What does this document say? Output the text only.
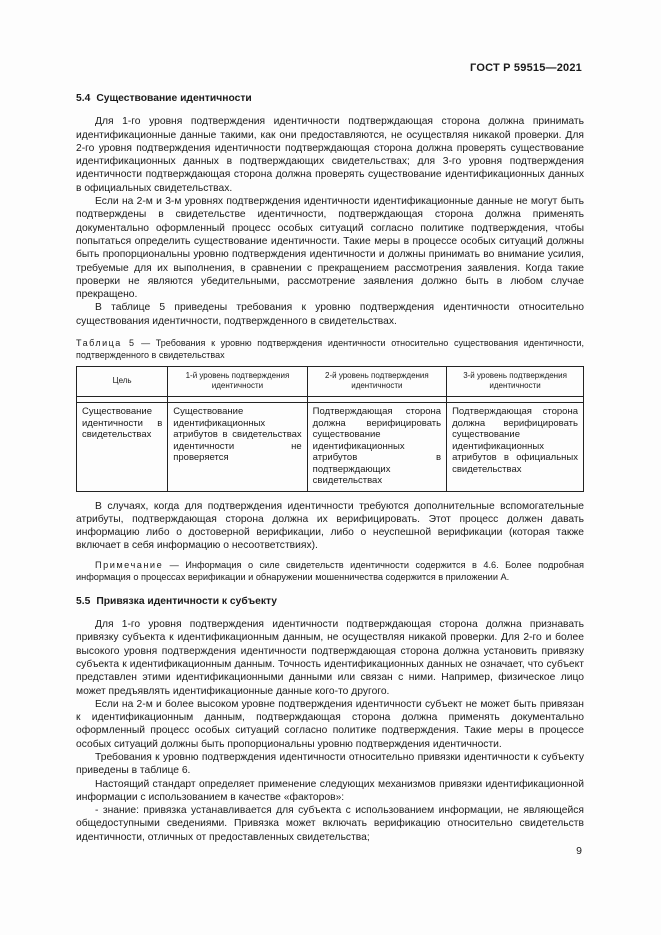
ГОСТ Р 59515—2021
5.4 Существование идентичности

Для 1-го уровня подтверждения идентичности подтверждающая сторона должна принимать идентификационные данные такими, как они предоставляются, не осуществляя никакой проверки. Для 2-го уровня подтверждения идентичности подтверждающая сторона должна проверять существование идентификационных данных в подтверждающих свидетельствах; для 3-го уровня подтверждения идентичности подтверждающая сторона должна проверять существование идентификационных данных в официальных свидетельствах.

Если на 2-м и 3-м уровнях подтверждения идентичности идентификационные данные не могут быть подтверждены в свидетельстве идентичности, подтверждающая сторона должна применять документально оформленный процесс особых ситуаций согласно политике подтверждения, чтобы попытаться определить существование идентичности. Такие меры в процессе особых ситуаций должны быть пропорциональны уровню подтверждения идентичности и должны принимать во внимание усилия, требуемые для их выполнения, в сравнении с прекращением рассмотрения заявления. Когда такие проверки не являются убедительными, рассмотрение заявления должно быть в любом случае прекращено.

В таблице 5 приведены требования к уровню подтверждения идентичности относительно существования идентичности, подтвержденного в свидетельствах.

Таблица 5 — Требования к уровню подтверждения идентичности относительно существования идентичности, подтвержденного в свидетельствах
Цель	1-й уровень подтверждения идентичности	2-й уровень подтверждения идентичности	3-й уровень подтверждения идентичности

Существование идентичности в свидетельствах	Существование идентификационных атрибутов в свидетельствах идентичности не проверяется	Подтверждающая сторона должна верифицировать существование идентификационных атрибутов в подтверждающих свидетельствах	Подтверждающая сторона должна верифицировать существование идентификационных атрибутов в официальных свидетельствах

В случаях, когда для подтверждения идентичности требуются дополнительные вспомогательные атрибуты, подтверждающая сторона должна их верифицировать. Этот процесс должен давать информацию либо о достоверной верификации, либо о неуспешной верификации (которая также включает в себя информацию о несоответствиях).

Примечание — Информация о силе свидетельств идентичности содержится в 4.6. Более подробная информация о процессах верификации и обнаружении мошенничества содержится в приложении А.
5.5 Привязка идентичности к субъекту

Для 1-го уровня подтверждения идентичности подтверждающая сторона должна признавать привязку субъекта к идентификационным данным, не осуществляя никакой проверки. Для 2-го и более высокого уровня подтверждения идентичности подтверждающая сторона должна установить привязку субъекта к идентификационным данным. Точность идентификационных данных не означает, что субъект представлен этими идентификационными данными или связан с ними. Например, физическое лицо может предъявлять идентификационные данные кого-то другого.

Если на 2-м и более высоком уровне подтверждения идентичности субъект не может быть привязан к идентификационным данным, подтверждающая сторона должна применять документально оформленный процесс особых ситуаций согласно политике подтверждения. Такие меры в процессе особых ситуаций должны быть пропорциональны уровню подтверждения идентичности.

Требования к уровню подтверждения идентичности относительно привязки идентичности к субъекту приведены в таблице 6.

Настоящий стандарт определяет применение следующих механизмов привязки идентификационной информации с использованием в качестве «факторов»:

- знание: привязка устанавливается для субъекта с использованием информации, не являющейся общедоступными сведениями. Привязка может включать верификацию относительно свидетельств идентичности, отличных от предоставленных свидетельства;

9
